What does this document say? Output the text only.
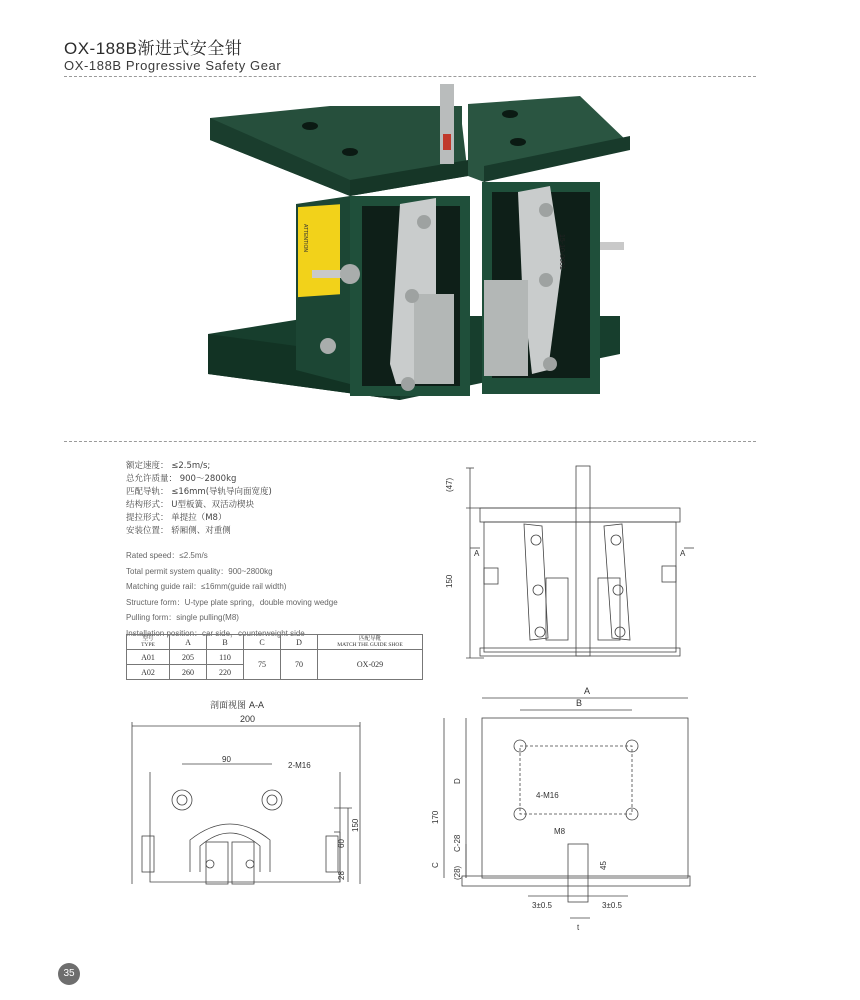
OX-188B渐进式安全钳
OX-188B Progressive Safety Gear
ATTENTION	15-10-0001
额定速度： ≤2.5m/s;
总允许质量： 900～2800kg
匹配导轨： ≤16mm(导轨导向面宽度)
结构形式： U型板簧、双活动楔块
提拉形式： 单提拉（M8）
安装位置： 轿厢侧、对重侧
Rated speed：≤2.5m/s
Total permit system quality：900~2800kg
Matching guide rail：≤16mm(guide rail width)
Structure form：U-type plate spring，double moving wedge
Pulling form：single pulling(M8)
Installation position：car side，counterweight side
型号
TYPE	A	B	C	D	匹配导靴
MATCH THE GUIDE SHOE

A01	205	110	75	70	OX-029
A02	260	220			
(47)
150
A	A
剖面视图 A-A
200
90
2-M16
150
60
28
A
B
170
D
C-28
C
(28)
4-M16
M8
45
3±0.5	3±0.5
t
35
